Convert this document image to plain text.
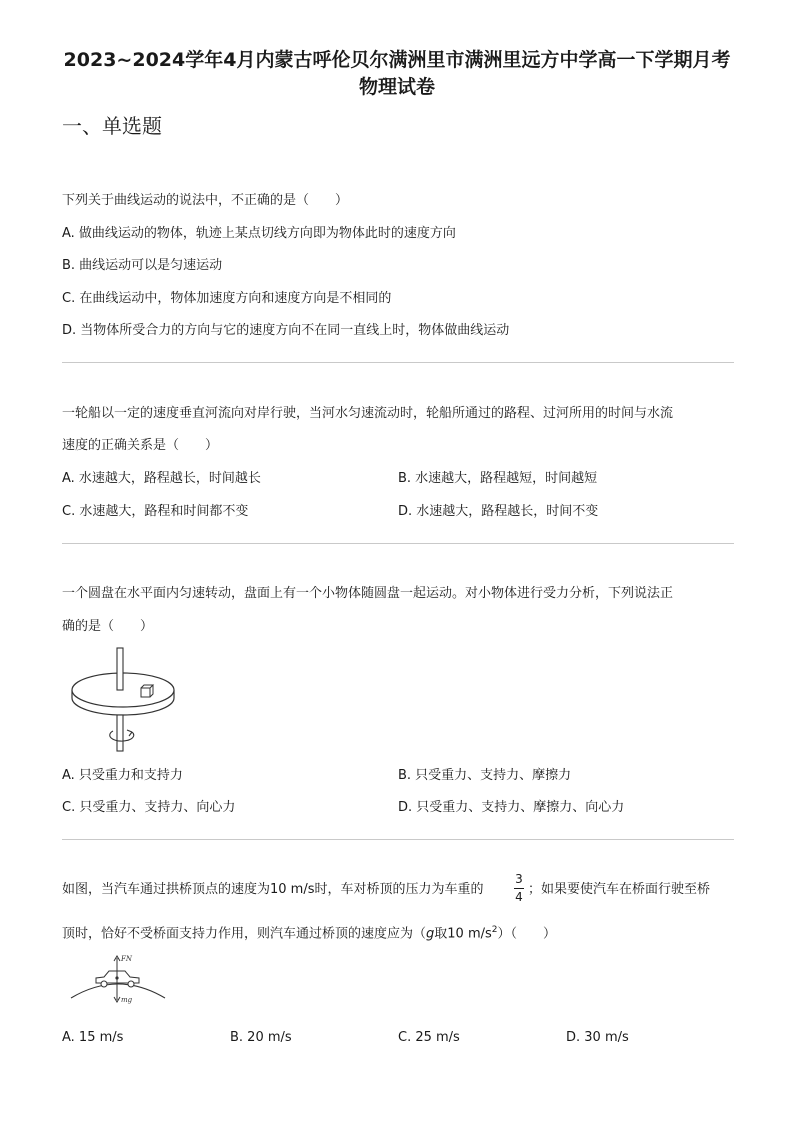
2023~2024学年4月内蒙古呼伦贝尔满洲里市满洲里远方中学高一下学期月考
物理试卷
一、单选题
下列关于曲线运动的说法中，不正确的是（　　）
A. 做曲线运动的物体，轨迹上某点切线方向即为物体此时的速度方向
B. 曲线运动可以是匀速运动
C. 在曲线运动中，物体加速度方向和速度方向是不相同的
D. 当物体所受合力的方向与它的速度方向不在同一直线上时，物体做曲线运动
一轮船以一定的速度垂直河流向对岸行驶，当河水匀速流动时，轮船所通过的路程、过河所用的时间与水流
速度的正确关系是（　　）
A. 水速越大，路程越长，时间越长	B. 水速越大，路程越短，时间越短
C. 水速越大，路程和时间都不变	D. 水速越大，路程越长，时间不变
一个圆盘在水平面内匀速转动，盘面上有一个小物体随圆盘一起运动。对小物体进行受力分析，下列说法正
确的是（　　）
A. 只受重力和支持力	B. 只受重力、支持力、摩擦力
C. 只受重力、支持力、向心力	D. 只受重力、支持力、摩擦力、向心力
如图，当汽车通过拱桥顶点的速度为10 m/s时，车对桥顶的压力为车重的
3
4 ；如果要使汽车在桥面行驶至桥
顶时，恰好不受桥面支持力作用，则汽车通过桥顶的速度应为（g取10 $m/s^2$）（　　）
FN
mg
A. 15 m/s	B. 20 m/s	C. 25 m/s	D. 30 m/s
